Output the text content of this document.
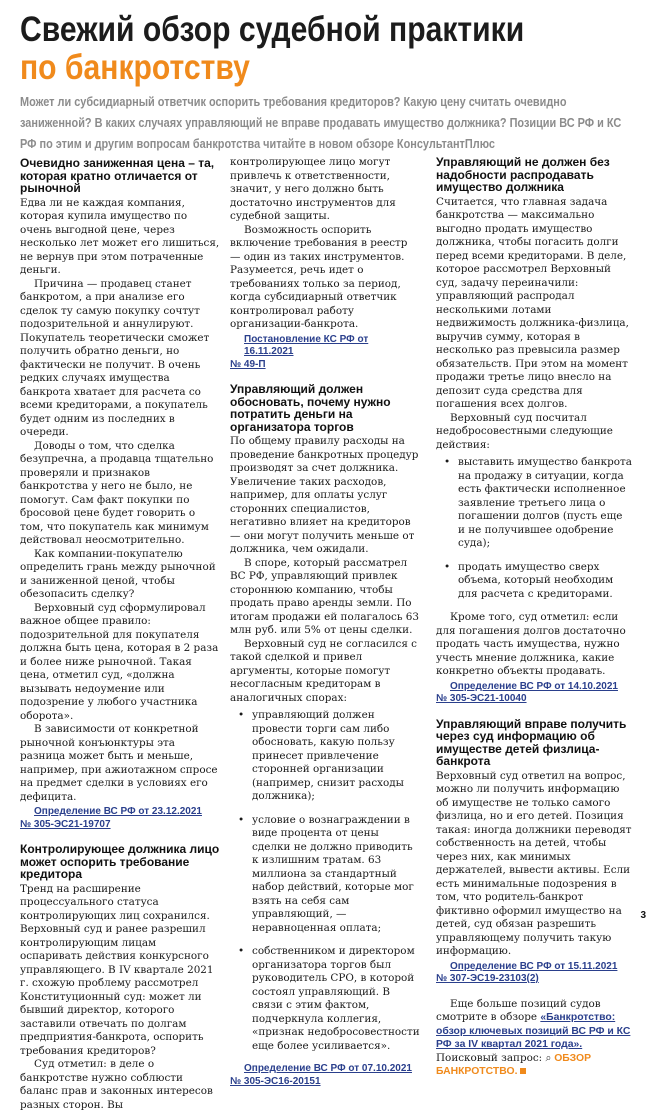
Свежий обзор судебной практики
по банкротству
Может ли субсидиарный ответчик оспорить требования кредиторов? Какую цену считать очевидно заниженной? В каких случаях управляющий не вправе продавать имущество должника? Позиции ВС РФ и КС РФ по этим и другим вопросам банкротства читайте в новом обзоре КонсультантПлюс
Очевидно заниженная цена – та, которая кратно отличается от рыночной

Едва ли не каждая компания, которая купила имущество по очень выгодной цене, через несколько лет может его лишиться, не вернув при этом потраченные деньги.

Причина — продавец станет банкротом, а при анализе его сделок ту самую покупку сочтут подозрительной и аннулируют. Покупатель теоретически сможет получить обратно деньги, но фактически не получит. В очень редких случаях имущества банкрота хватает для расчета со всеми кредиторами, а покупатель будет одним из последних в очереди.

Доводы о том, что сделка безупречна, а продавца тщательно проверяли и признаков банкротства у него не было, не помогут. Сам факт покупки по бросовой цене будет говорить о том, что покупатель как минимум действовал неосмотрительно.

Как компании-покупателю определить грань между рыночной и заниженной ценой, чтобы обезопасить сделку?

Верховный суд сформулировал важное общее правило: подозрительной для покупателя должна быть цена, которая в 2 раза и более ниже рыночной. Такая цена, отметил суд, «должна вызывать недоумение или подозрение у любого участника оборота».

В зависимости от конкретной рыночной конъюнктуры эта разница может быть и меньше, например, при ажиотажном спросе на предмет сделки в условиях его дефицита.

Определение ВС РФ от 23.12.2021
№ 305-ЭС21-19707
Контролирующее должника лицо может оспорить требование кредитора

Тренд на расширение процессуального статуса контролирующих лиц сохранился. Верховный суд и ранее разрешил контролирующим лицам оспаривать действия конкурсного управляющего. В IV квартале 2021 г. схожую проблему рассмотрел Конституционный суд: может ли бывший директор, которого заставили отвечать по долгам предприятия-банкрота, оспорить требования кредиторов?

Суд отметил: в деле о банкротстве нужно соблюсти баланс прав и законных интересов разных сторон. Вы

контролирующее лицо могут привлечь к ответственности, значит, у него должно быть достаточно инструментов для судебной защиты.

Возможность оспорить включение требования в реестр — один из таких инструментов. Разумеется, речь идет о требованиях только за период, когда субсидиарный ответчик контролировал работу организации-банкрота.

Постановление КС РФ от 16.11.2021
№ 49-П
Управляющий должен обосновать, почему нужно потратить деньги на организатора торгов

По общему правилу расходы на проведение банкротных процедур производят за счет должника. Увеличение таких расходов, например, для оплаты услуг сторонних специалистов, негативно влияет на кредиторов — они могут получить меньше от должника, чем ожидали.

В споре, который рассматрел ВС РФ, управляющий привлек стороннюю компанию, чтобы продать право аренды земли. По итогам продажи ей полагалось 63 млн руб. или 5% от цены сделки.

Верховный суд не согласился с такой сделкой и привел аргументы, которые помогут несогласным кредиторам в аналогичных спорах:

• управляющий должен провести торги сам либо обосновать, какую пользу принесет привлечение сторонней организации (например, снизит расходы должника);
• условие о вознаграждении в виде процента от цены сделки не должно приводить к излишним тратам. 63 миллиона за стандартный набор действий, которые мог взять на себя сам управляющий, — неравноценная оплата;
• собственником и директором организатора торгов был руководитель СРО, в которой состоял управляющий. В связи с этим фактом, подчеркнула коллегия, «признак недобросовестности еще более усиливается».
Определение ВС РФ от 07.10.2021
№ 305-ЭС16-20151
Управляющий не должен без надобности распродавать имущество должника

Считается, что главная задача банкротства — максимально выгодно продать имущество должника, чтобы погасить долги перед всеми кредиторами. В деле, которое рассмотрел Верховный суд, задачу переиначили: управляющий распродал несколькими лотами недвижимость должника-физлица, выручив сумму, которая в несколько раз превысила размер обязательств. При этом на момент продажи третье лицо внесло на депозит суда средства для погашения всех долгов.

Верховный суд посчитал недобросовестными следующие действия:

• выставить имущество банкрота на продажу в ситуации, когда есть фактически исполненное заявление третьего лица о погашении долгов (пусть еще и не получившее одобрение суда);
• продать имущество сверх объема, который необходим для расчета с кредиторами.

Кроме того, суд отметил: если для погашения долгов достаточно продать часть имущества, нужно учесть мнение должника, какие конкретно объекты продавать.

Определение ВС РФ от 14.10.2021
№ 305-ЭС21-10040
Управляющий вправе получить через суд информацию об имуществе детей физлица-банкрота

Верховный суд ответил на вопрос, можно ли получить информацию об имуществе не только самого физлица, но и его детей. Позиция такая: иногда должники переводят собственность на детей, чтобы через них, как минимых держателей, вывести активы. Если есть минимальные подозрения в том, что родитель-банкрот фиктивно оформил имущество на детей, суд обязан разрешить управляющему получить такую информацию.

Определение ВС РФ от 15.11.2021
№ 307-ЭС19-23103(2)

Еще больше позиций судов смотрите в обзоре «Банкротство: обзор ключевых позиций ВС РФ и КС РФ за IV квартал 2021 года». Поисковый запрос: ⌕ ОБЗОР БАНКРОТСТВО.

3
